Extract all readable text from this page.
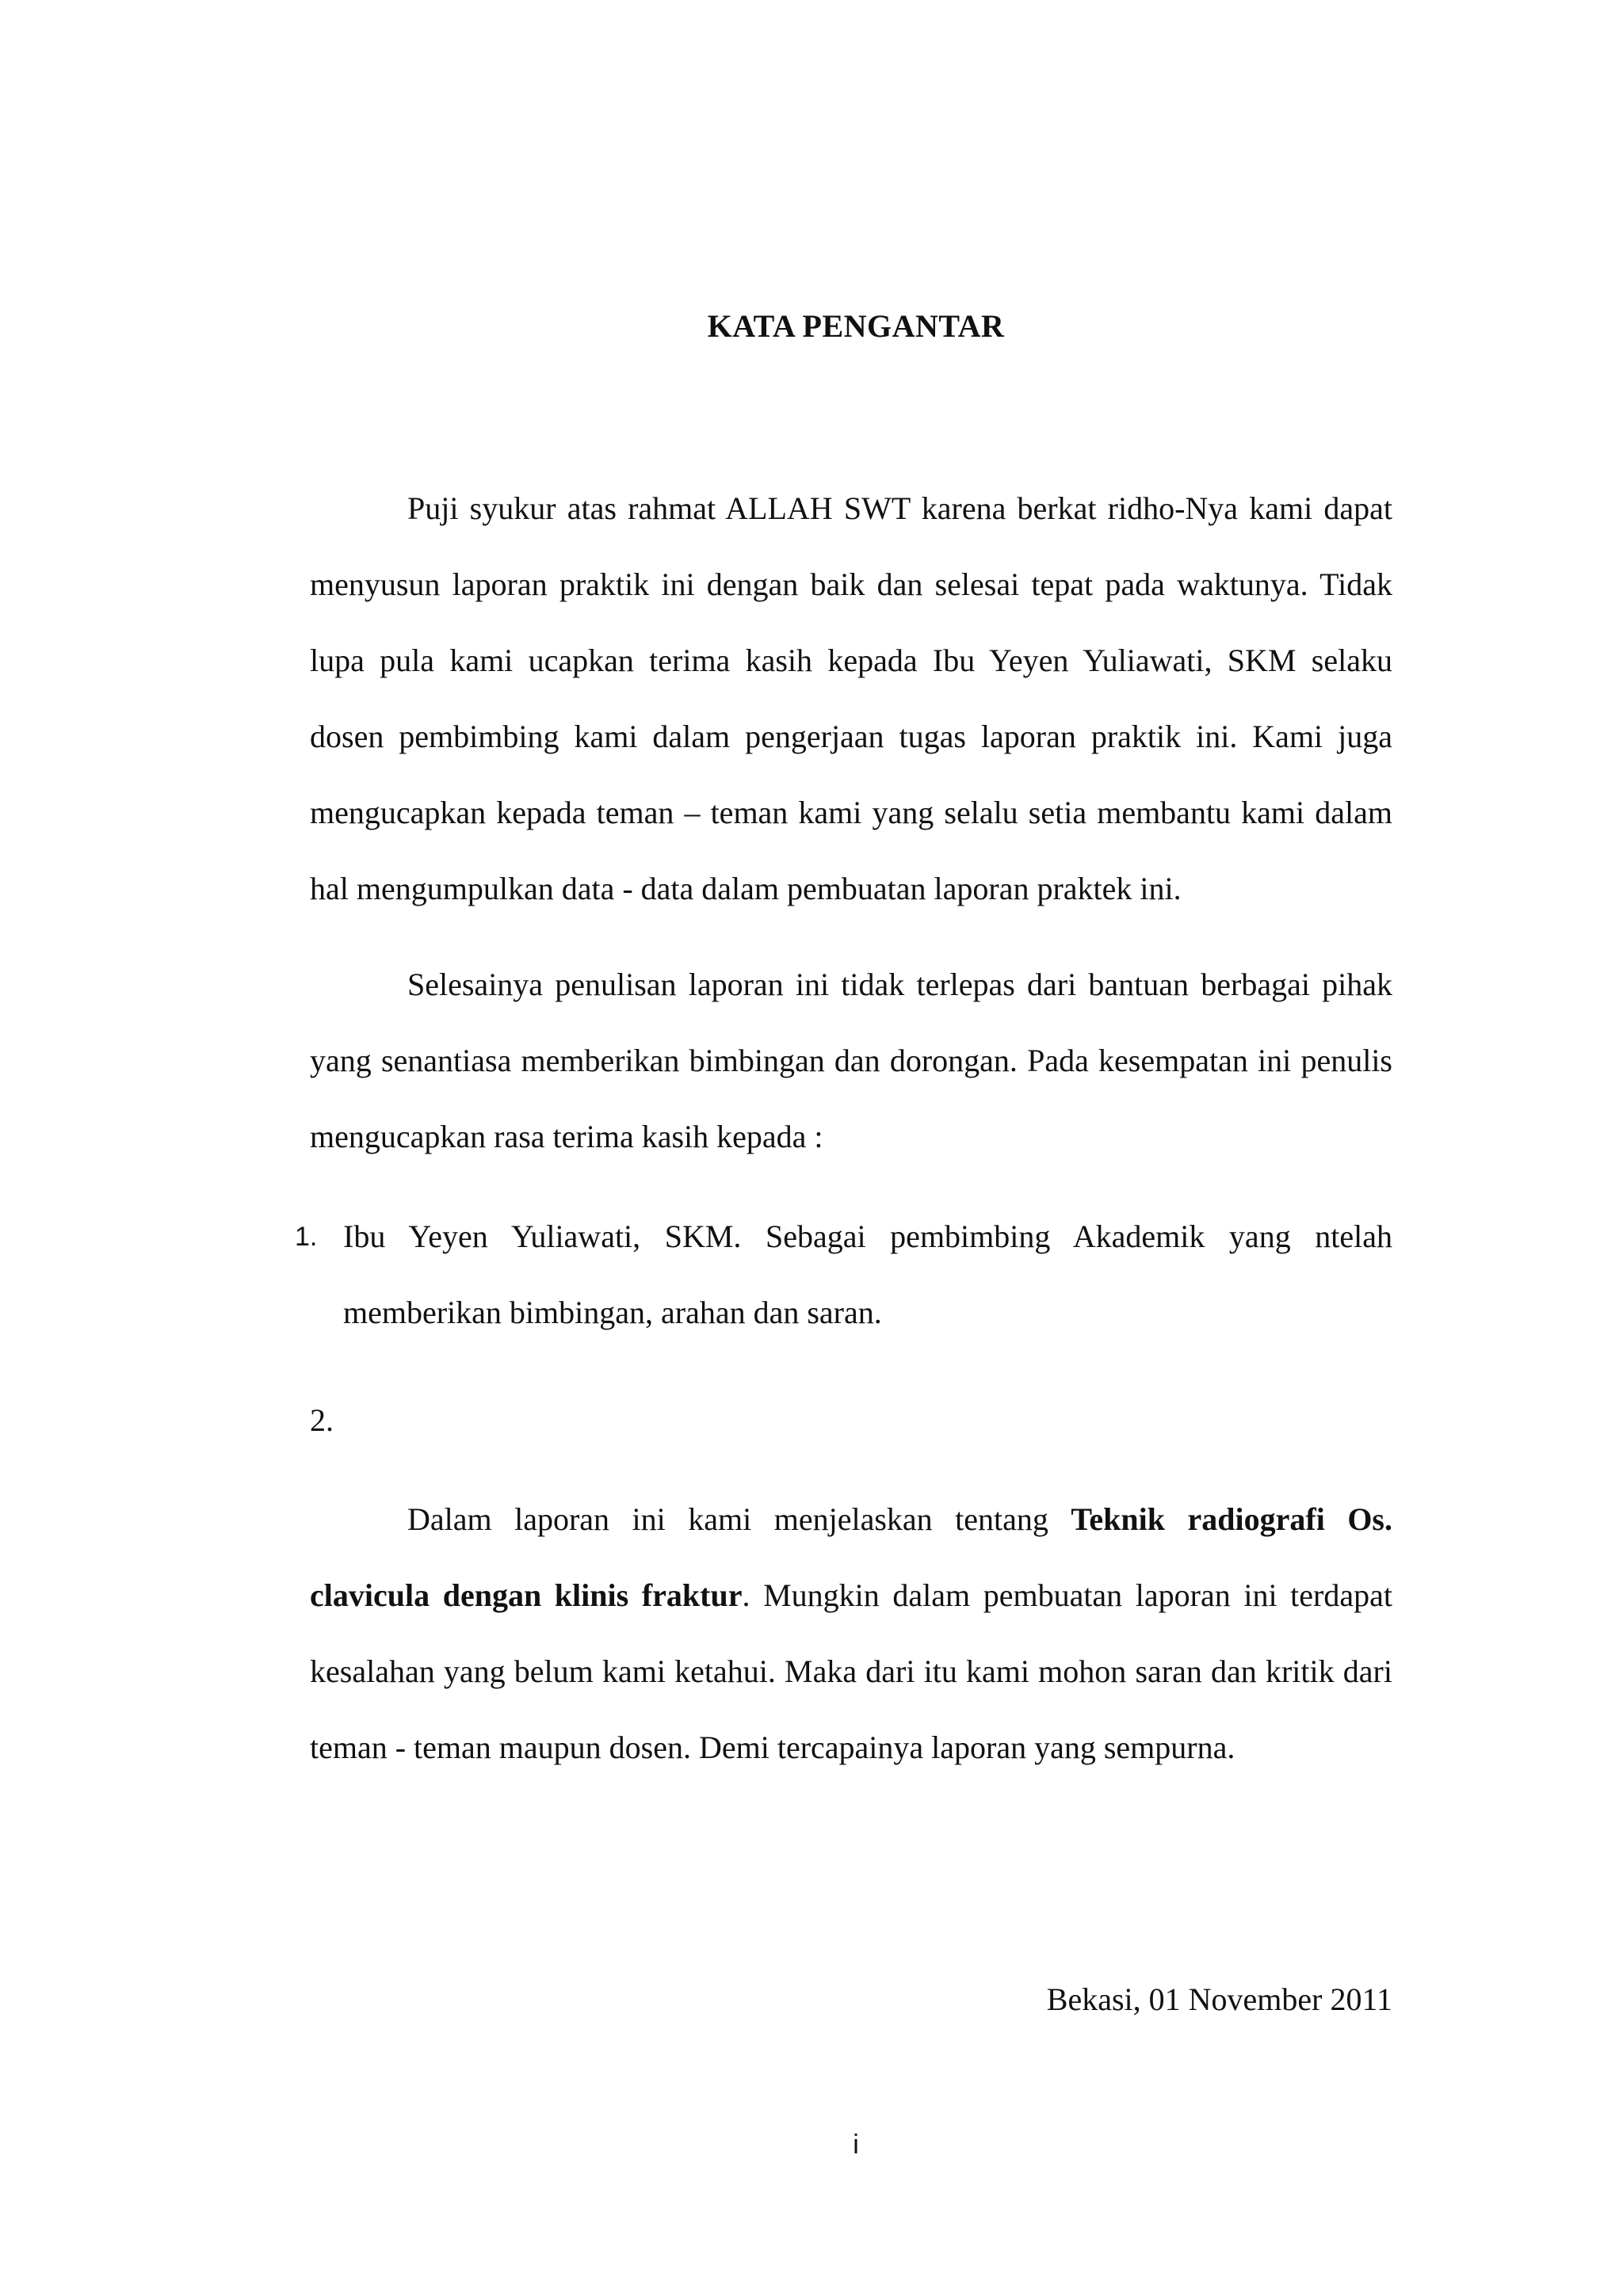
KATA PENGANTAR

Puji syukur atas rahmat ALLAH SWT karena berkat ridho-Nya kami dapat menyusun laporan praktik ini dengan baik dan selesai tepat pada waktunya. Tidak lupa pula kami ucapkan terima kasih kepada Ibu Yeyen Yuliawati, SKM selaku dosen pembimbing kami dalam pengerjaan tugas laporan praktik ini. Kami juga mengucapkan kepada teman – teman kami yang selalu setia membantu kami dalam hal mengumpulkan data - data dalam pembuatan laporan praktek ini.

Selesainya penulisan laporan ini tidak terlepas dari bantuan berbagai pihak yang senantiasa memberikan bimbingan dan dorongan. Pada kesempatan ini penulis mengucapkan rasa terima kasih kepada :

1. Ibu Yeyen Yuliawati, SKM. Sebagai pembimbing Akademik yang ntelah memberikan bimbingan, arahan dan saran.
2.

Dalam laporan ini kami menjelaskan tentang Teknik radiografi Os. clavicula dengan klinis fraktur. Mungkin dalam pembuatan laporan ini terdapat kesalahan yang belum kami ketahui. Maka dari itu kami mohon saran dan kritik dari teman - teman maupun dosen. Demi tercapainya laporan yang sempurna.

Bekasi, 01 November 2011
i
